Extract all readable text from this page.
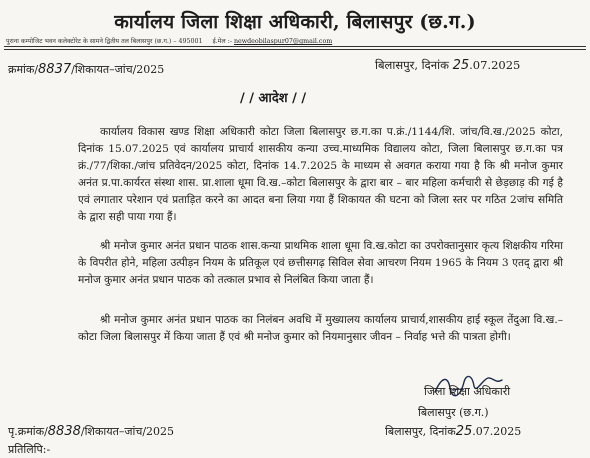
कार्यालय जिला शिक्षा अधिकारी, बिलासपुर (छ.ग.)
पुराना कम्पोजिट भवन कलेक्टोरेट के सामने द्वितीय तल बिलासपुर (छ.ग.) – 495001 ई.मेल :- newdeobilaspur07@gmail.com
क्रमांक/8837/शिकायत–जांच/2025	बिलासपुर, दिनांक 25.07.2025
/ / आदेश / /

कार्यालय विकास खण्ड शिक्षा अधिकारी कोटा जिला बिलासपुर छ.ग.का प.क्रं./1144/शि. जांच/वि.ख./2025 कोटा, दिनांक 15.07.2025 एवं कार्यालय प्राचार्य शासकीय कन्या उच्च.माध्यमिक विद्यालय कोटा, जिला बिलासपुर छ.ग.का पत्र क्रं./77/शिका./जांच प्रतिवेदन/2025 कोटा, दिनांक 14.7.2025 के माध्यम से अवगत कराया गया है कि श्री मनोज कुमार अनंत प्र.पा.कार्यरत संस्था शास. प्रा.शाला धूमा वि.ख.–कोटा बिलासपुर के द्वारा बार – बार महिला कर्मचारी से छेड़छाड़ की गई है एवं लगातार परेशान एवं प्रताड़ित करने का आदत बना लिया गया हैं शिकायत की घटना को जिला स्तर पर गठित 2जांच समिति के द्वारा सही पाया गया हैं।

श्री मनोज कुमार अनंत प्रधान पाठक शास.कन्या प्राथमिक शाला धूमा वि.ख.कोटा का उपरोक्तानुसार कृत्य शिक्षकीय गरिमा के विपरीत होने, महिला उत्पीड़न नियम के प्रतिकूल एवं छत्तीसगढ़ सिविल सेवा आचरण नियम 1965 के नियम 3 एतद् द्वारा श्री मनोज कुमार अनंत प्रधान पाठक को तत्काल प्रभाव से निलंबित किया जाता हैं।

श्री मनोज कुमार अनंत प्रधान पाठक का निलंबन अवधि में मुख्यालय कार्यालय प्राचार्य,शासकीय हाई स्कूल तेंदुआ वि.ख.–कोटा जिला बिलासपुर में किया जाता हैं एवं श्री मनोज कुमार को नियमानुसार जीवन – निर्वाह भत्ते की पात्रता होगी।

जिला शिक्षा अधिकारी
बिलासपुर (छ.ग.)
पृ.क्रमांक/8838/शिकायत–जांच/2025	बिलासपुर, दिनांक25.07.2025
प्रतिलिपि:-
